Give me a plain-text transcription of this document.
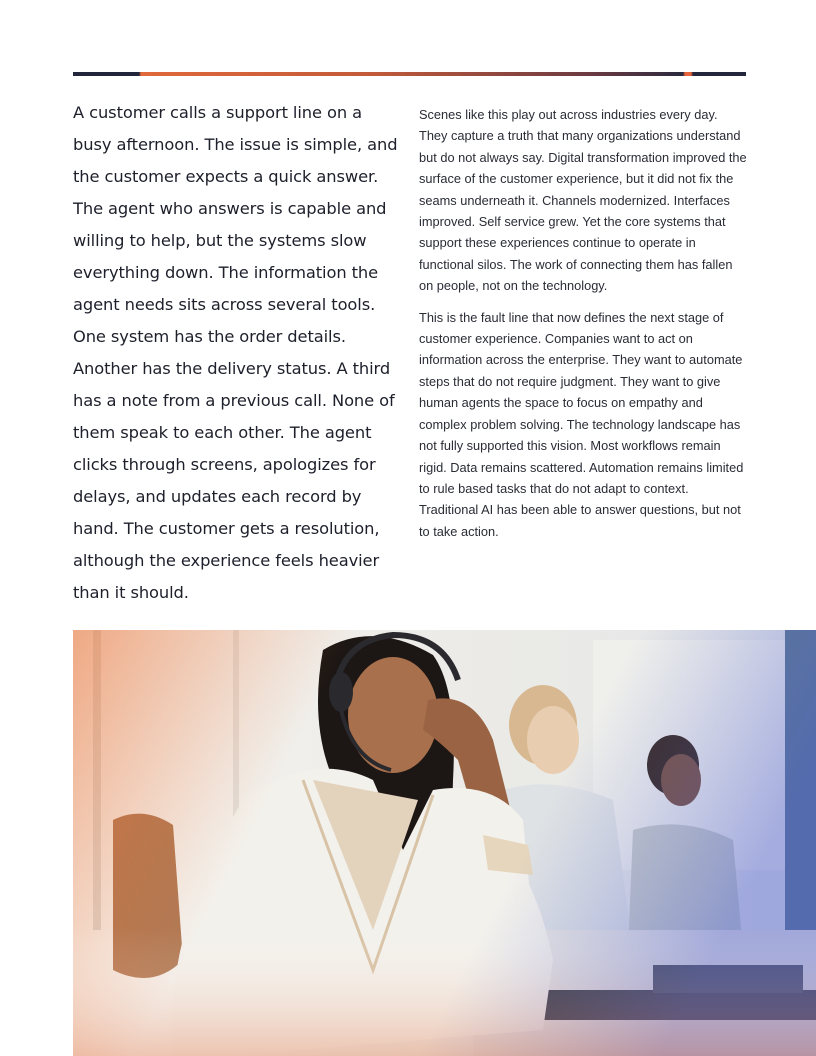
A customer calls a support line on a busy afternoon. The issue is simple, and the customer expects a quick answer. The agent who answers is capable and willing to help, but the systems slow everything down. The information the agent needs sits across several tools. One system has the order details. Another has the delivery status. A third has a note from a previous call. None of them speak to each other. The agent clicks through screens, apologizes for delays, and updates each record by hand. The customer gets a resolution, although the experience feels heavier than it should.

Scenes like this play out across industries every day. They capture a truth that many organizations understand but do not always say. Digital transformation improved the surface of the customer experience, but it did not fix the seams underneath it. Channels modernized. Interfaces improved. Self service grew. Yet the core systems that support these experiences continue to operate in functional silos. The work of connecting them has fallen on people, not on the technology.

This is the fault line that now defines the next stage of customer experience. Companies want to act on information across the enterprise. They want to automate steps that do not require judgment. They want to give human agents the space to focus on empathy and complex problem solving. The technology landscape has not fully supported this vision. Most workflows remain rigid. Data remains scattered. Automation remains limited to rule based tasks that do not adapt to context. Traditional AI has been able to answer questions, but not to take action.
